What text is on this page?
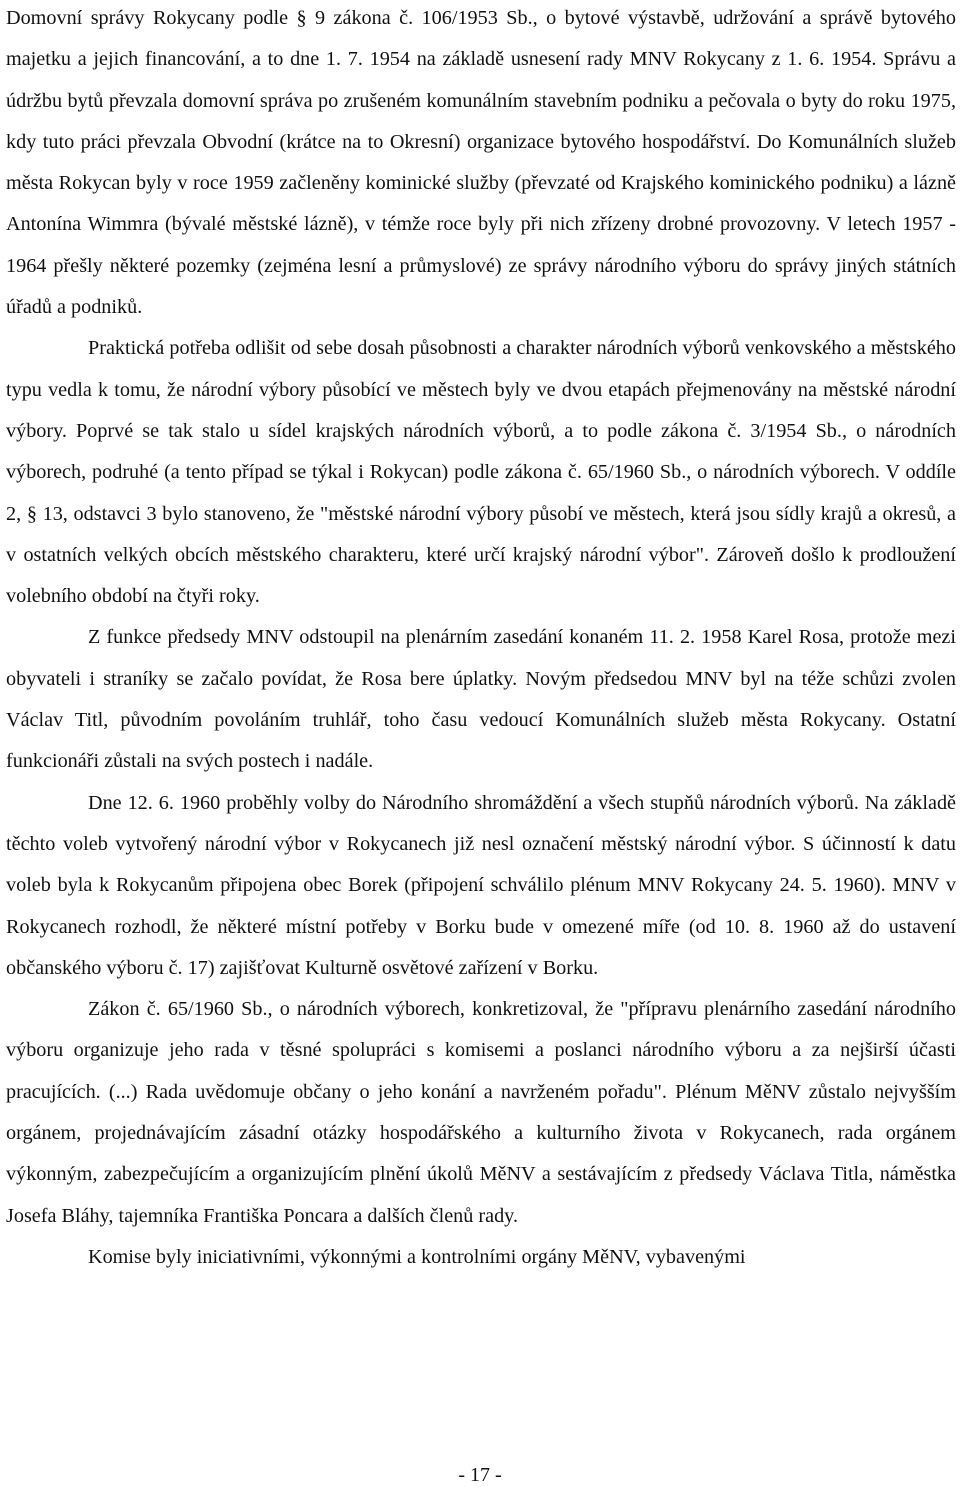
Domovní správy Rokycany podle § 9 zákona č. 106/1953 Sb., o bytové výstavbě, udržování a správě bytového majetku a jejich financování, a to dne 1. 7. 1954 na základě usnesení rady MNV Rokycany z 1. 6. 1954. Správu a údržbu bytů převzala domovní správa po zrušeném komunálním stavebním podniku a pečovala o byty do roku 1975, kdy tuto práci převzala Obvodní (krátce na to Okresní) organizace bytového hospodářství. Do Komunálních služeb města Rokycan byly v roce 1959 začleněny kominické služby (převzaté od Krajského kominického podniku) a lázně Antonína Wimmra (bývalé městské lázně), v témže roce byly při nich zřízeny drobné provozovny. V letech 1957 - 1964 přešly některé pozemky (zejména lesní a průmyslové) ze správy národního výboru do správy jiných státních úřadů a podniků.

Praktická potřeba odlišit od sebe dosah působnosti a charakter národních výborů venkovského a městského typu vedla k tomu, že národní výbory působící ve městech byly ve dvou etapách přejmenovány na městské národní výbory. Poprvé se tak stalo u sídel krajských národních výborů, a to podle zákona č. 3/1954 Sb., o národních výborech, podruhé (a tento případ se týkal i Rokycan) podle zákona č. 65/1960 Sb., o národních výborech. V oddíle 2, § 13, odstavci 3 bylo stanoveno, že "městské národní výbory působí ve městech, která jsou sídly krajů a okresů, a v ostatních velkých obcích městského charakteru, které určí krajský národní výbor". Zároveň došlo k prodloužení volebního období na čtyři roky.

Z funkce předsedy MNV odstoupil na plenárním zasedání konaném 11. 2. 1958 Karel Rosa, protože mezi obyvateli i straníky se začalo povídat, že Rosa bere úplatky. Novým předsedou MNV byl na téže schůzi zvolen Václav Titl, původním povoláním truhlář, toho času vedoucí Komunálních služeb města Rokycany. Ostatní funkcionáři zůstali na svých postech i nadále.

Dne 12. 6. 1960 proběhly volby do Národního shromáždění a všech stupňů národních výborů. Na základě těchto voleb vytvořený národní výbor v Rokycanech již nesl označení městský národní výbor. S účinností k datu voleb byla k Rokycanům připojena obec Borek (připojení schválilo plénum MNV Rokycany 24. 5. 1960). MNV v Rokycanech rozhodl, že některé místní potřeby v Borku bude v omezené míře (od 10. 8. 1960 až do ustavení občanského výboru č. 17) zajišťovat Kulturně osvětové zařízení v Borku.

Zákon č. 65/1960 Sb., o národních výborech, konkretizoval, že "přípravu plenárního zasedání národního výboru organizuje jeho rada v těsné spolupráci s komisemi a poslanci národního výboru a za nejširší účasti pracujících. (...) Rada uvědomuje občany o jeho konání a navrženém pořadu". Plénum MěNV zůstalo nejvyšším orgánem, projednávajícím zásadní otázky hospodářského a kulturního života v Rokycanech, rada orgánem výkonným, zabezpečujícím a organizujícím plnění úkolů MěNV a sestávajícím z předsedy Václava Titla, náměstka Josefa Bláhy, tajemníka Františka Poncara a dalších členů rady.

Komise byly iniciativními, výkonnými a kontrolními orgány MěNV, vybavenými

- 17 -
